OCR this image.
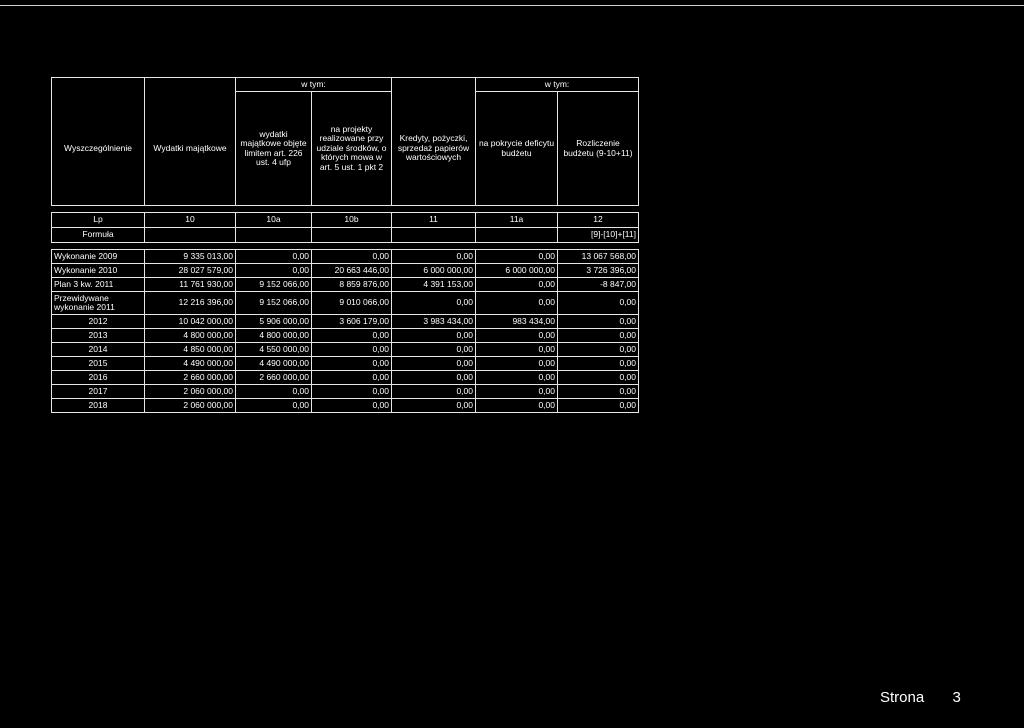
		w tym:			w tym:	
Wyszczególnienie	Wydatki majątkowe	wydatki majątkowe objęte limitem art. 226 ust. 4 ufp	na projekty realizowane przy udziale środków, o których mowa w art. 5 ust. 1 pkt 2	Kredyty, pożyczki, sprzedaż papierów wartościowych	na pokrycie deficytu budżetu	Rozliczenie budżetu (9-10+11)

Lp	10	10a	10b	11	11a	12
Formuła						[9]-[10]+[11]

Wykonanie 2009	9 335 013,00	0,00	0,00	0,00	0,00	13 067 568,00
Wykonanie 2010	28 027 579,00	0,00	20 663 446,00	6 000 000,00	6 000 000,00	3 726 396,00
Plan 3 kw. 2011	11 761 930,00	9 152 066,00	8 859 876,00	4 391 153,00	0,00	-8 847,00
Przewidywane wykonanie 2011	12 216 396,00	9 152 066,00	9 010 066,00	0,00	0,00	0,00
2012	10 042 000,00	5 906 000,00	3 606 179,00	3 983 434,00	983 434,00	0,00
2013	4 800 000,00	4 800 000,00	0,00	0,00	0,00	0,00
2014	4 850 000,00	4 550 000,00	0,00	0,00	0,00	0,00
2015	4 490 000,00	4 490 000,00	0,00	0,00	0,00	0,00
2016	2 660 000,00	2 660 000,00	0,00	0,00	0,00	0,00
2017	2 060 000,00	0,00	0,00	0,00	0,00	0,00
2018	2 060 000,00	0,00	0,00	0,00	0,00	0,00
Strona 3
